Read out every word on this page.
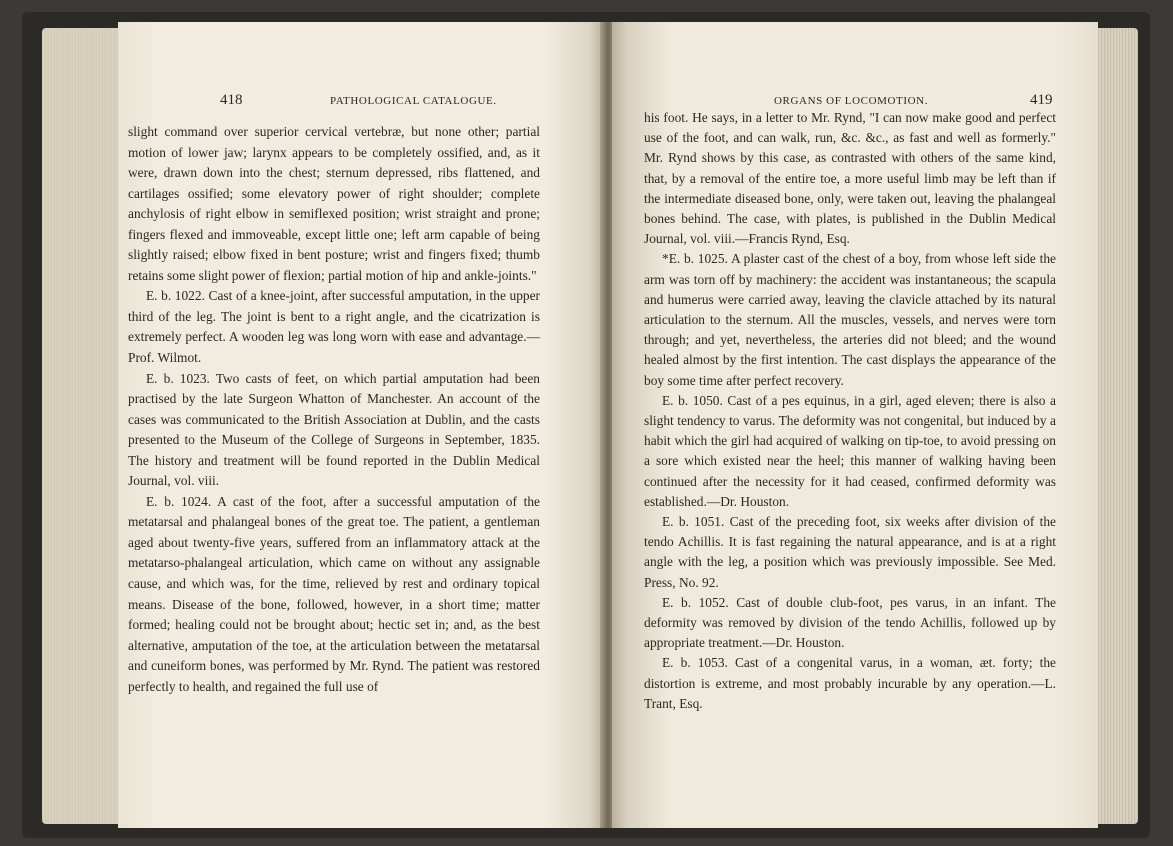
418	PATHOLOGICAL CATALOGUE.

slight command over superior cervical vertebræ, but none other; partial motion of lower jaw; larynx appears to be completely ossified, and, as it were, drawn down into the chest; sternum depressed, ribs flattened, and cartilages ossified; some elevatory power of right shoulder; complete anchylosis of right elbow in semiflexed position; wrist straight and prone; fingers flexed and immoveable, except little one; left arm capable of being slightly raised; elbow fixed in bent posture; wrist and fingers fixed; thumb retains some slight power of flexion; partial motion of hip and ankle-joints."

E. b. 1022. Cast of a knee-joint, after successful amputation, in the upper third of the leg. The joint is bent to a right angle, and the cicatrization is extremely perfect. A wooden leg was long worn with ease and advantage.—Prof. Wilmot.

E. b. 1023. Two casts of feet, on which partial amputation had been practised by the late Surgeon Whatton of Manchester. An account of the cases was communicated to the British Association at Dublin, and the casts presented to the Museum of the College of Surgeons in September, 1835. The history and treatment will be found reported in the Dublin Medical Journal, vol. viii.

E. b. 1024. A cast of the foot, after a successful amputation of the metatarsal and phalangeal bones of the great toe. The patient, a gentleman aged about twenty-five years, suffered from an inflammatory attack at the metatarso-phalangeal articulation, which came on without any assignable cause, and which was, for the time, relieved by rest and ordinary topical means. Disease of the bone, followed, however, in a short time; matter formed; healing could not be brought about; hectic set in; and, as the best alternative, amputation of the toe, at the articulation between the metatarsal and cuneiform bones, was performed by Mr. Rynd. The patient was restored perfectly to health, and regained the full use of

ORGANS OF LOCOMOTION.	419

his foot. He says, in a letter to Mr. Rynd, "I can now make good and perfect use of the foot, and can walk, run, &c. &c., as fast and well as formerly." Mr. Rynd shows by this case, as contrasted with others of the same kind, that, by a removal of the entire toe, a more useful limb may be left than if the intermediate diseased bone, only, were taken out, leaving the phalangeal bones behind. The case, with plates, is published in the Dublin Medical Journal, vol. viii.—Francis Rynd, Esq.

*E. b. 1025. A plaster cast of the chest of a boy, from whose left side the arm was torn off by machinery: the accident was instantaneous; the scapula and humerus were carried away, leaving the clavicle attached by its natural articulation to the sternum. All the muscles, vessels, and nerves were torn through; and yet, nevertheless, the arteries did not bleed; and the wound healed almost by the first intention. The cast displays the appearance of the boy some time after perfect recovery.

E. b. 1050. Cast of a pes equinus, in a girl, aged eleven; there is also a slight tendency to varus. The deformity was not congenital, but induced by a habit which the girl had acquired of walking on tip-toe, to avoid pressing on a sore which existed near the heel; this manner of walking having been continued after the necessity for it had ceased, confirmed deformity was established.—Dr. Houston.

E. b. 1051. Cast of the preceding foot, six weeks after division of the tendo Achillis. It is fast regaining the natural appearance, and is at a right angle with the leg, a position which was previously impossible. See Med. Press, No. 92.

E. b. 1052. Cast of double club-foot, pes varus, in an infant. The deformity was removed by division of the tendo Achillis, followed up by appropriate treatment.—Dr. Houston.

E. b. 1053. Cast of a congenital varus, in a woman, æt. forty; the distortion is extreme, and most probably incurable by any operation.—L. Trant, Esq.
